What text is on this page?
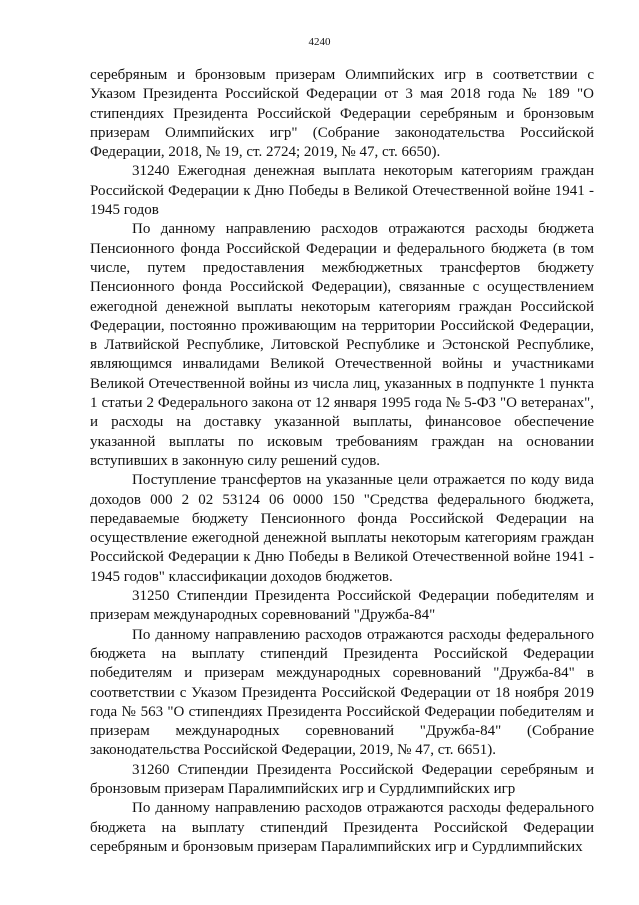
4240

серебряным и бронзовым призерам Олимпийских игр в соответствии с Указом Президента Российской Федерации от 3 мая 2018 года № 189 "О стипендиях Президента Российской Федерации серебряным и бронзовым призерам Олимпийских игр" (Собрание законодательства Российской Федерации, 2018, № 19, ст. 2724; 2019, № 47, ст. 6650).

31240 Ежегодная денежная выплата некоторым категориям граждан Российской Федерации к Дню Победы в Великой Отечественной войне 1941 - 1945 годов

По данному направлению расходов отражаются расходы бюджета Пенсионного фонда Российской Федерации и федерального бюджета (в том числе, путем предоставления межбюджетных трансфертов бюджету Пенсионного фонда Российской Федерации), связанные с осуществлением ежегодной денежной выплаты некоторым категориям граждан Российской Федерации, постоянно проживающим на территории Российской Федерации, в Латвийской Республике, Литовской Республике и Эстонской Республике, являющимся инвалидами Великой Отечественной войны и участниками Великой Отечественной войны из числа лиц, указанных в подпункте 1 пункта 1 статьи 2 Федерального закона от 12 января 1995 года № 5-ФЗ "О ветеранах", и расходы на доставку указанной выплаты, финансовое обеспечение указанной выплаты по исковым требованиям граждан на основании вступивших в законную силу решений судов.

Поступление трансфертов на указанные цели отражается по коду вида доходов 000 2 02 53124 06 0000 150 "Средства федерального бюджета, передаваемые бюджету Пенсионного фонда Российской Федерации на осуществление ежегодной денежной выплаты некоторым категориям граждан Российской Федерации к Дню Победы в Великой Отечественной войне 1941 - 1945 годов" классификации доходов бюджетов.

31250 Стипендии Президента Российской Федерации победителям и призерам международных соревнований "Дружба-84"

По данному направлению расходов отражаются расходы федерального бюджета на выплату стипендий Президента Российской Федерации победителям и призерам международных соревнований "Дружба-84" в соответствии с Указом Президента Российской Федерации от 18 ноября 2019 года № 563 "О стипендиях Президента Российской Федерации победителям и призерам международных соревнований "Дружба-84" (Собрание законодательства Российской Федерации, 2019, № 47, ст. 6651).

31260 Стипендии Президента Российской Федерации серебряным и бронзовым призерам Паралимпийских игр и Сурдлимпийских игр

По данному направлению расходов отражаются расходы федерального бюджета на выплату стипендий Президента Российской Федерации серебряным и бронзовым призерам Паралимпийских игр и Сурдлимпийских
